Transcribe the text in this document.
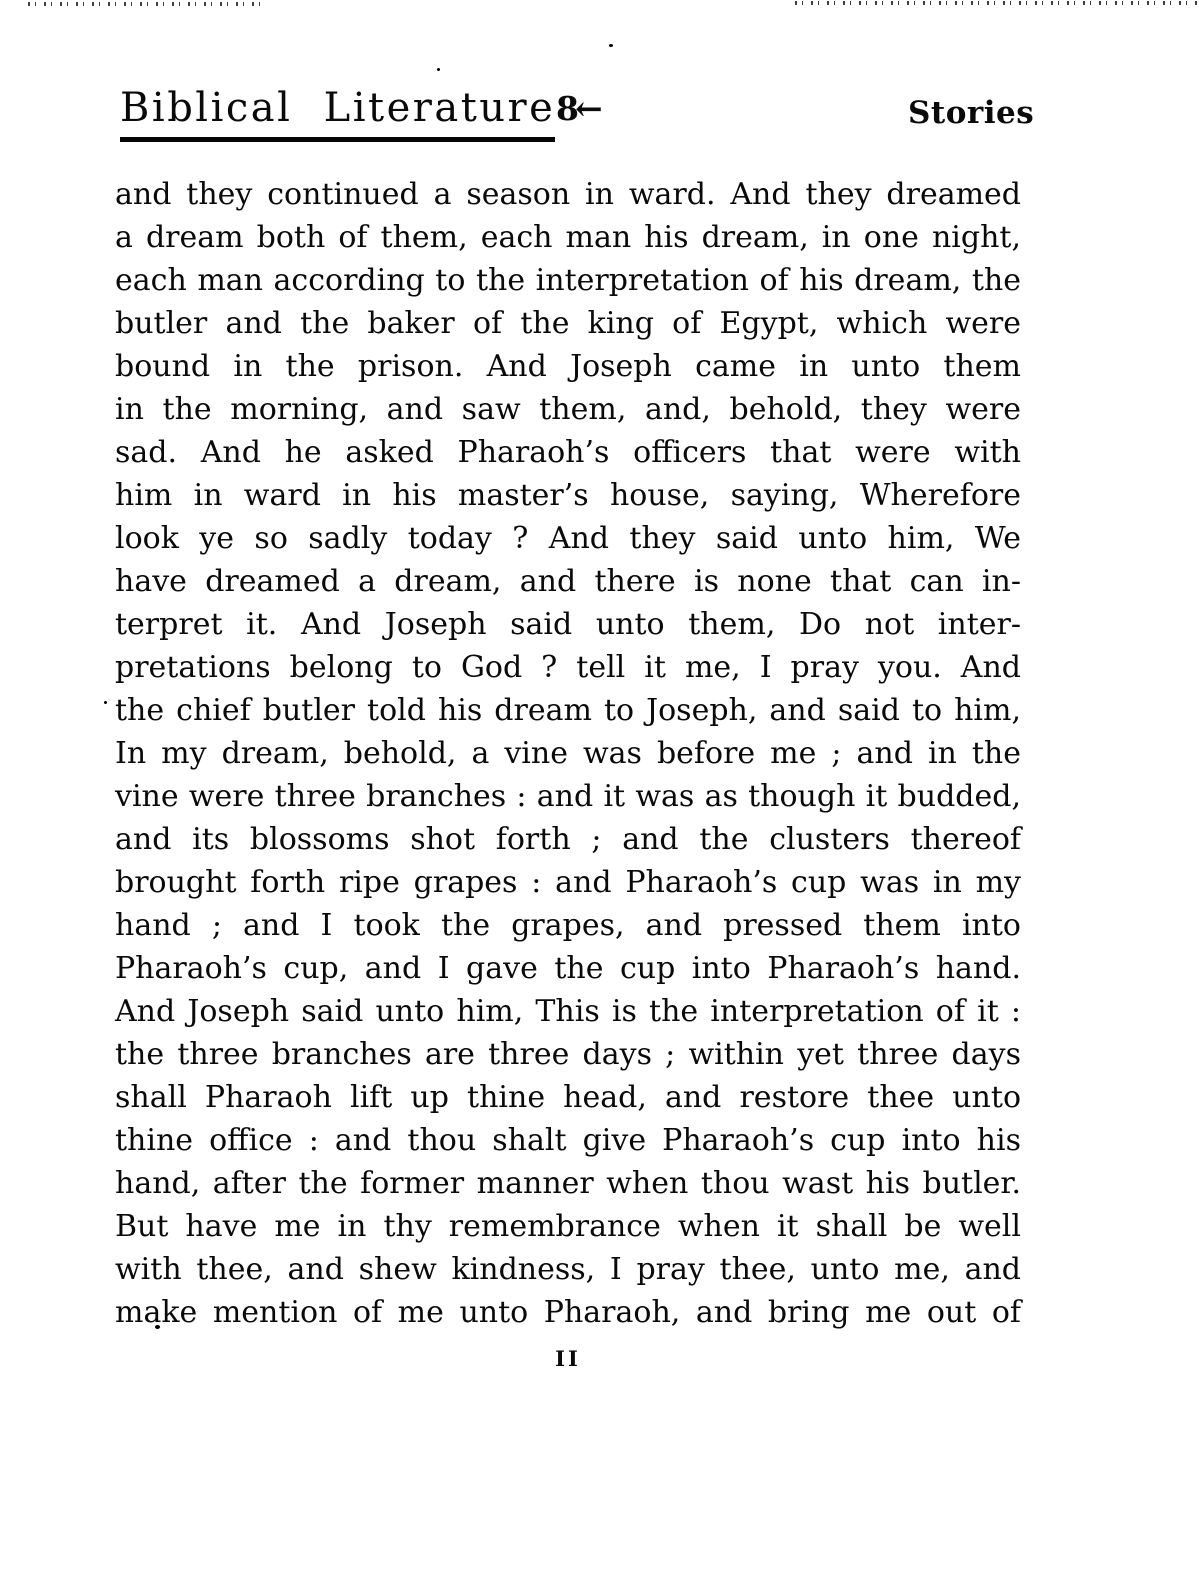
Biblical Literature 8←	Stories
and they continued a season in ward. And they dreamed
a dream both of them, each man his dream, in one night,
each man according to the interpretation of his dream, the
butler and the baker of the king of Egypt, which were
bound in the prison. And Joseph came in unto them
in the morning, and saw them, and, behold, they were
sad. And he asked Pharaoh’s officers that were with
him in ward in his master’s house, saying, Wherefore
look ye so sadly today ? And they said unto him, We
have dreamed a dream, and there is none that can in-
terpret it. And Joseph said unto them, Do not inter-
pretations belong to God ? tell it me, I pray you. And
the chief butler told his dream to Joseph, and said to him,
In my dream, behold, a vine was before me ; and in the
vine were three branches : and it was as though it budded,
and its blossoms shot forth ; and the clusters thereof
brought forth ripe grapes : and Pharaoh’s cup was in my
hand ; and I took the grapes, and pressed them into
Pharaoh’s cup, and I gave the cup into Pharaoh’s hand.
And Joseph said unto him, This is the interpretation of it :
the three branches are three days ; within yet three days
shall Pharaoh lift up thine head, and restore thee unto
thine office : and thou shalt give Pharaoh’s cup into his
hand, after the former manner when thou wast his butler.
But have me in thy remembrance when it shall be well
with thee, and shew kindness, I pray thee, unto me, and
make mention of me unto Pharaoh, and bring me out of
II
